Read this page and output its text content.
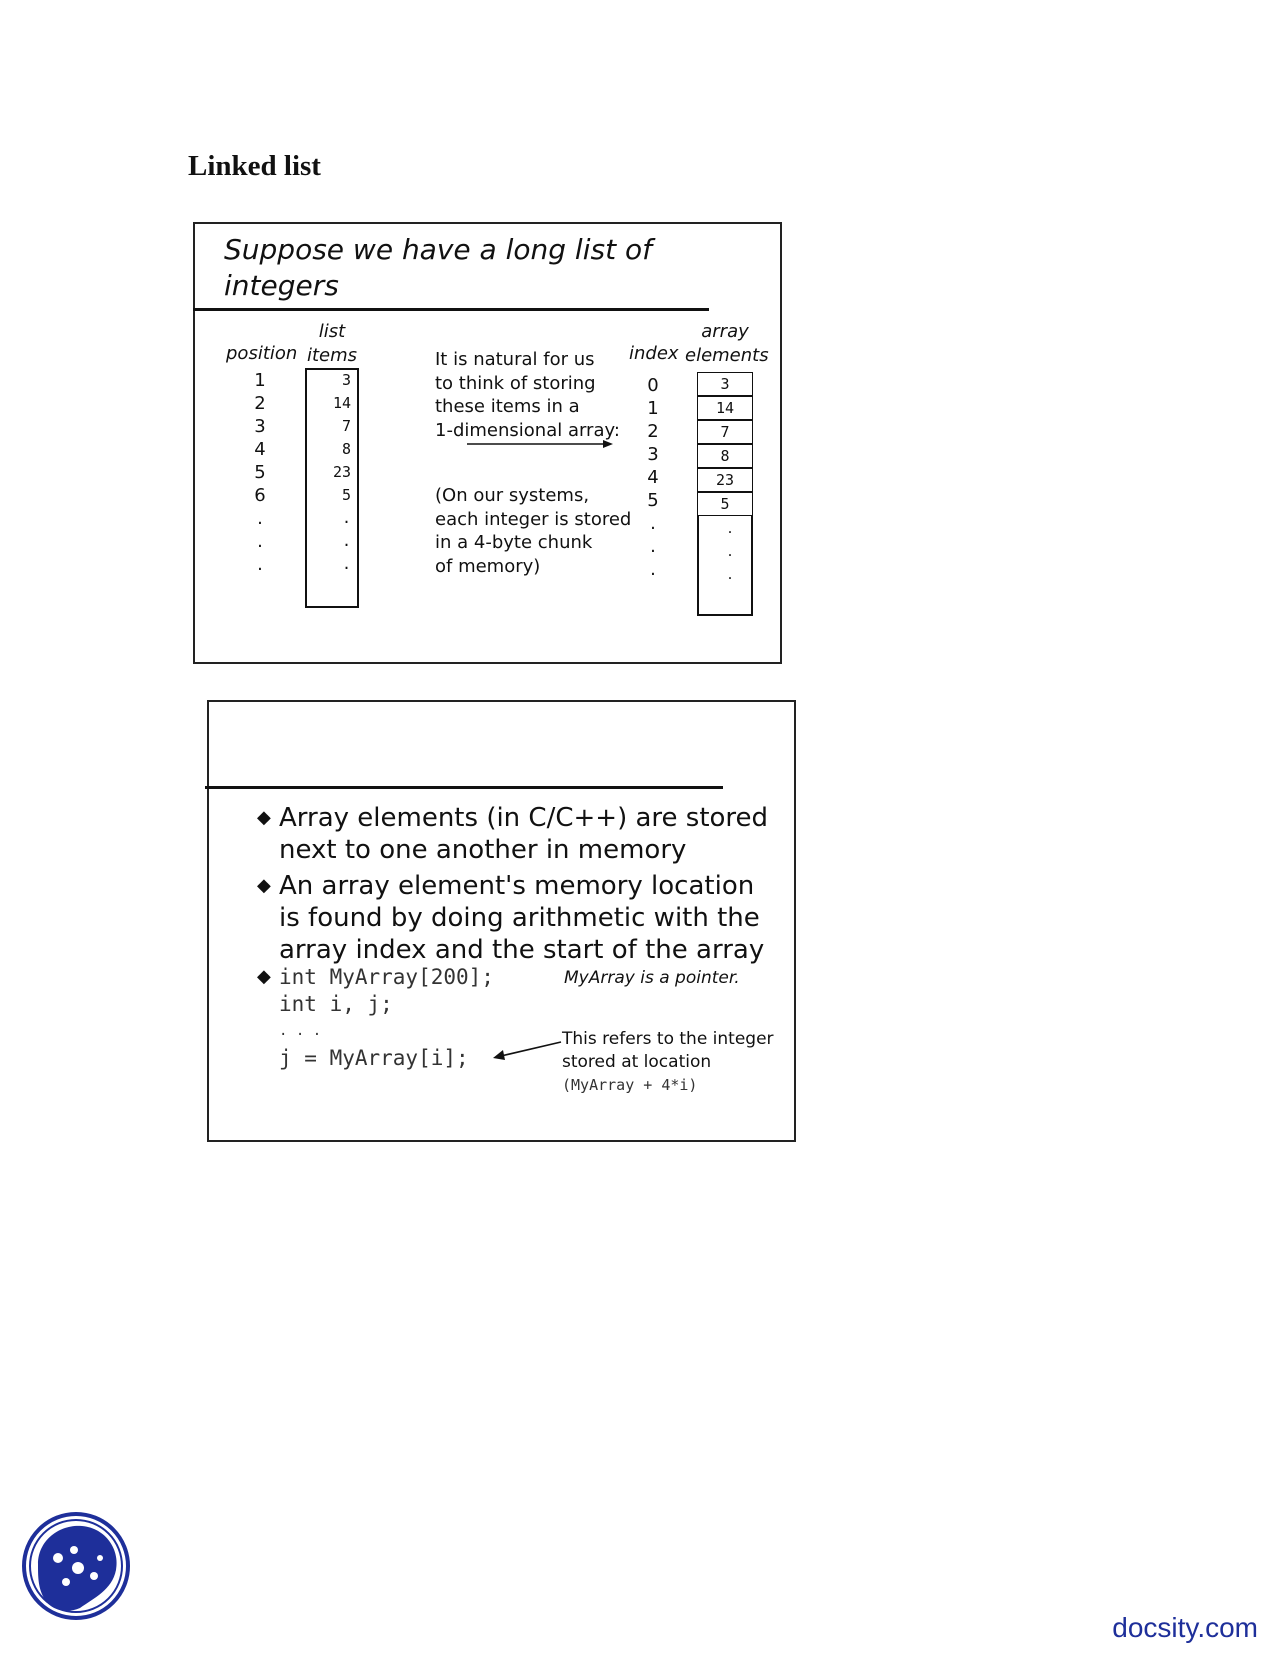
Linked list
Suppose we have a long list of
integers
position
list
items
1
2
3
4
5
6
.
.
.
3
14
7
8
23
5
.
.
.
It is natural for us
to think of storing
these items in a
1-dimensional array:
(On our systems,
each integer is stored
in a 4-byte chunk
of memory)
index
0
1
2
3
4
5
.
.
.
array
elements
3
14
7
8
23
5
.
.
.
◆ Array elements (in C/C++) are stored
next to one another in memory
◆ An array element's memory location
is found by doing arithmetic with the
array index and the start of the array
◆ int MyArray[200];
int i, j;
. . .
j = MyArray[i];
MyArray is a pointer.
This refers to the integer
stored at location
(MyArray + 4*i)
docsity.com
